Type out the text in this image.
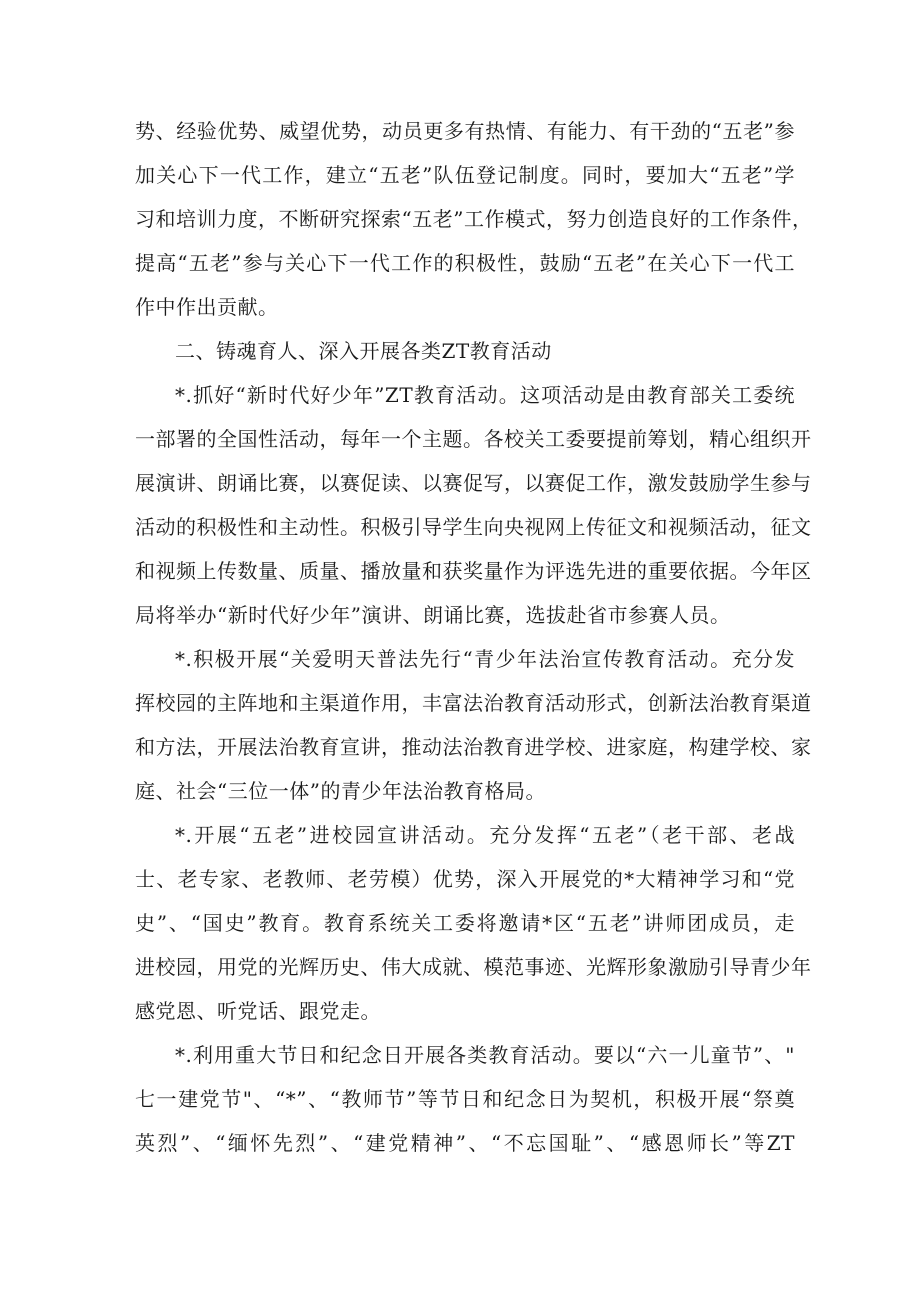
势、经验优势、威望优势，动员更多有热情、有能力、有干劲的“五老”参
加关心下一代工作，建立“五老”队伍登记制度。同时，要加大“五老”学
习和培训力度，不断研究探索“五老”工作模式，努力创造良好的工作条件，
提高“五老”参与关心下一代工作的积极性，鼓励“五老”在关心下一代工
作中作出贡献。
二、铸魂育人、深入开展各类ZT教育活动
*.抓好“新时代好少年”ZT教育活动。这项活动是由教育部关工委统
一部署的全国性活动，每年一个主题。各校关工委要提前筹划，精心组织开
展演讲、朗诵比赛，以赛促读、以赛促写，以赛促工作，激发鼓励学生参与
活动的积极性和主动性。积极引导学生向央视网上传征文和视频活动，征文
和视频上传数量、质量、播放量和获奖量作为评选先进的重要依据。今年区
局将举办“新时代好少年”演讲、朗诵比赛，选拔赴省市参赛人员。
*.积极开展“关爱明天普法先行“青少年法治宣传教育活动。充分发
挥校园的主阵地和主渠道作用，丰富法治教育活动形式，创新法治教育渠道
和方法，开展法治教育宣讲，推动法治教育进学校、进家庭，构建学校、家
庭、社会“三位一体”的青少年法治教育格局。
*.开展“五老”进校园宣讲活动。充分发挥“五老”（老干部、老战
士、老专家、老教师、老劳模）优势，深入开展党的*大精神学习和“党
史”、“国史”教育。教育系统关工委将邀请*区“五老”讲师团成员，走
进校园，用党的光辉历史、伟大成就、模范事迹、光辉形象激励引导青少年
感党恩、听党话、跟党走。
*.利用重大节日和纪念日开展各类教育活动。要以“六一儿童节”、"
七一建党节"、“*”、“教师节”等节日和纪念日为契机，积极开展“祭奠
英烈”、“缅怀先烈”、“建党精神”、“不忘国耻”、“感恩师长”等ZT
